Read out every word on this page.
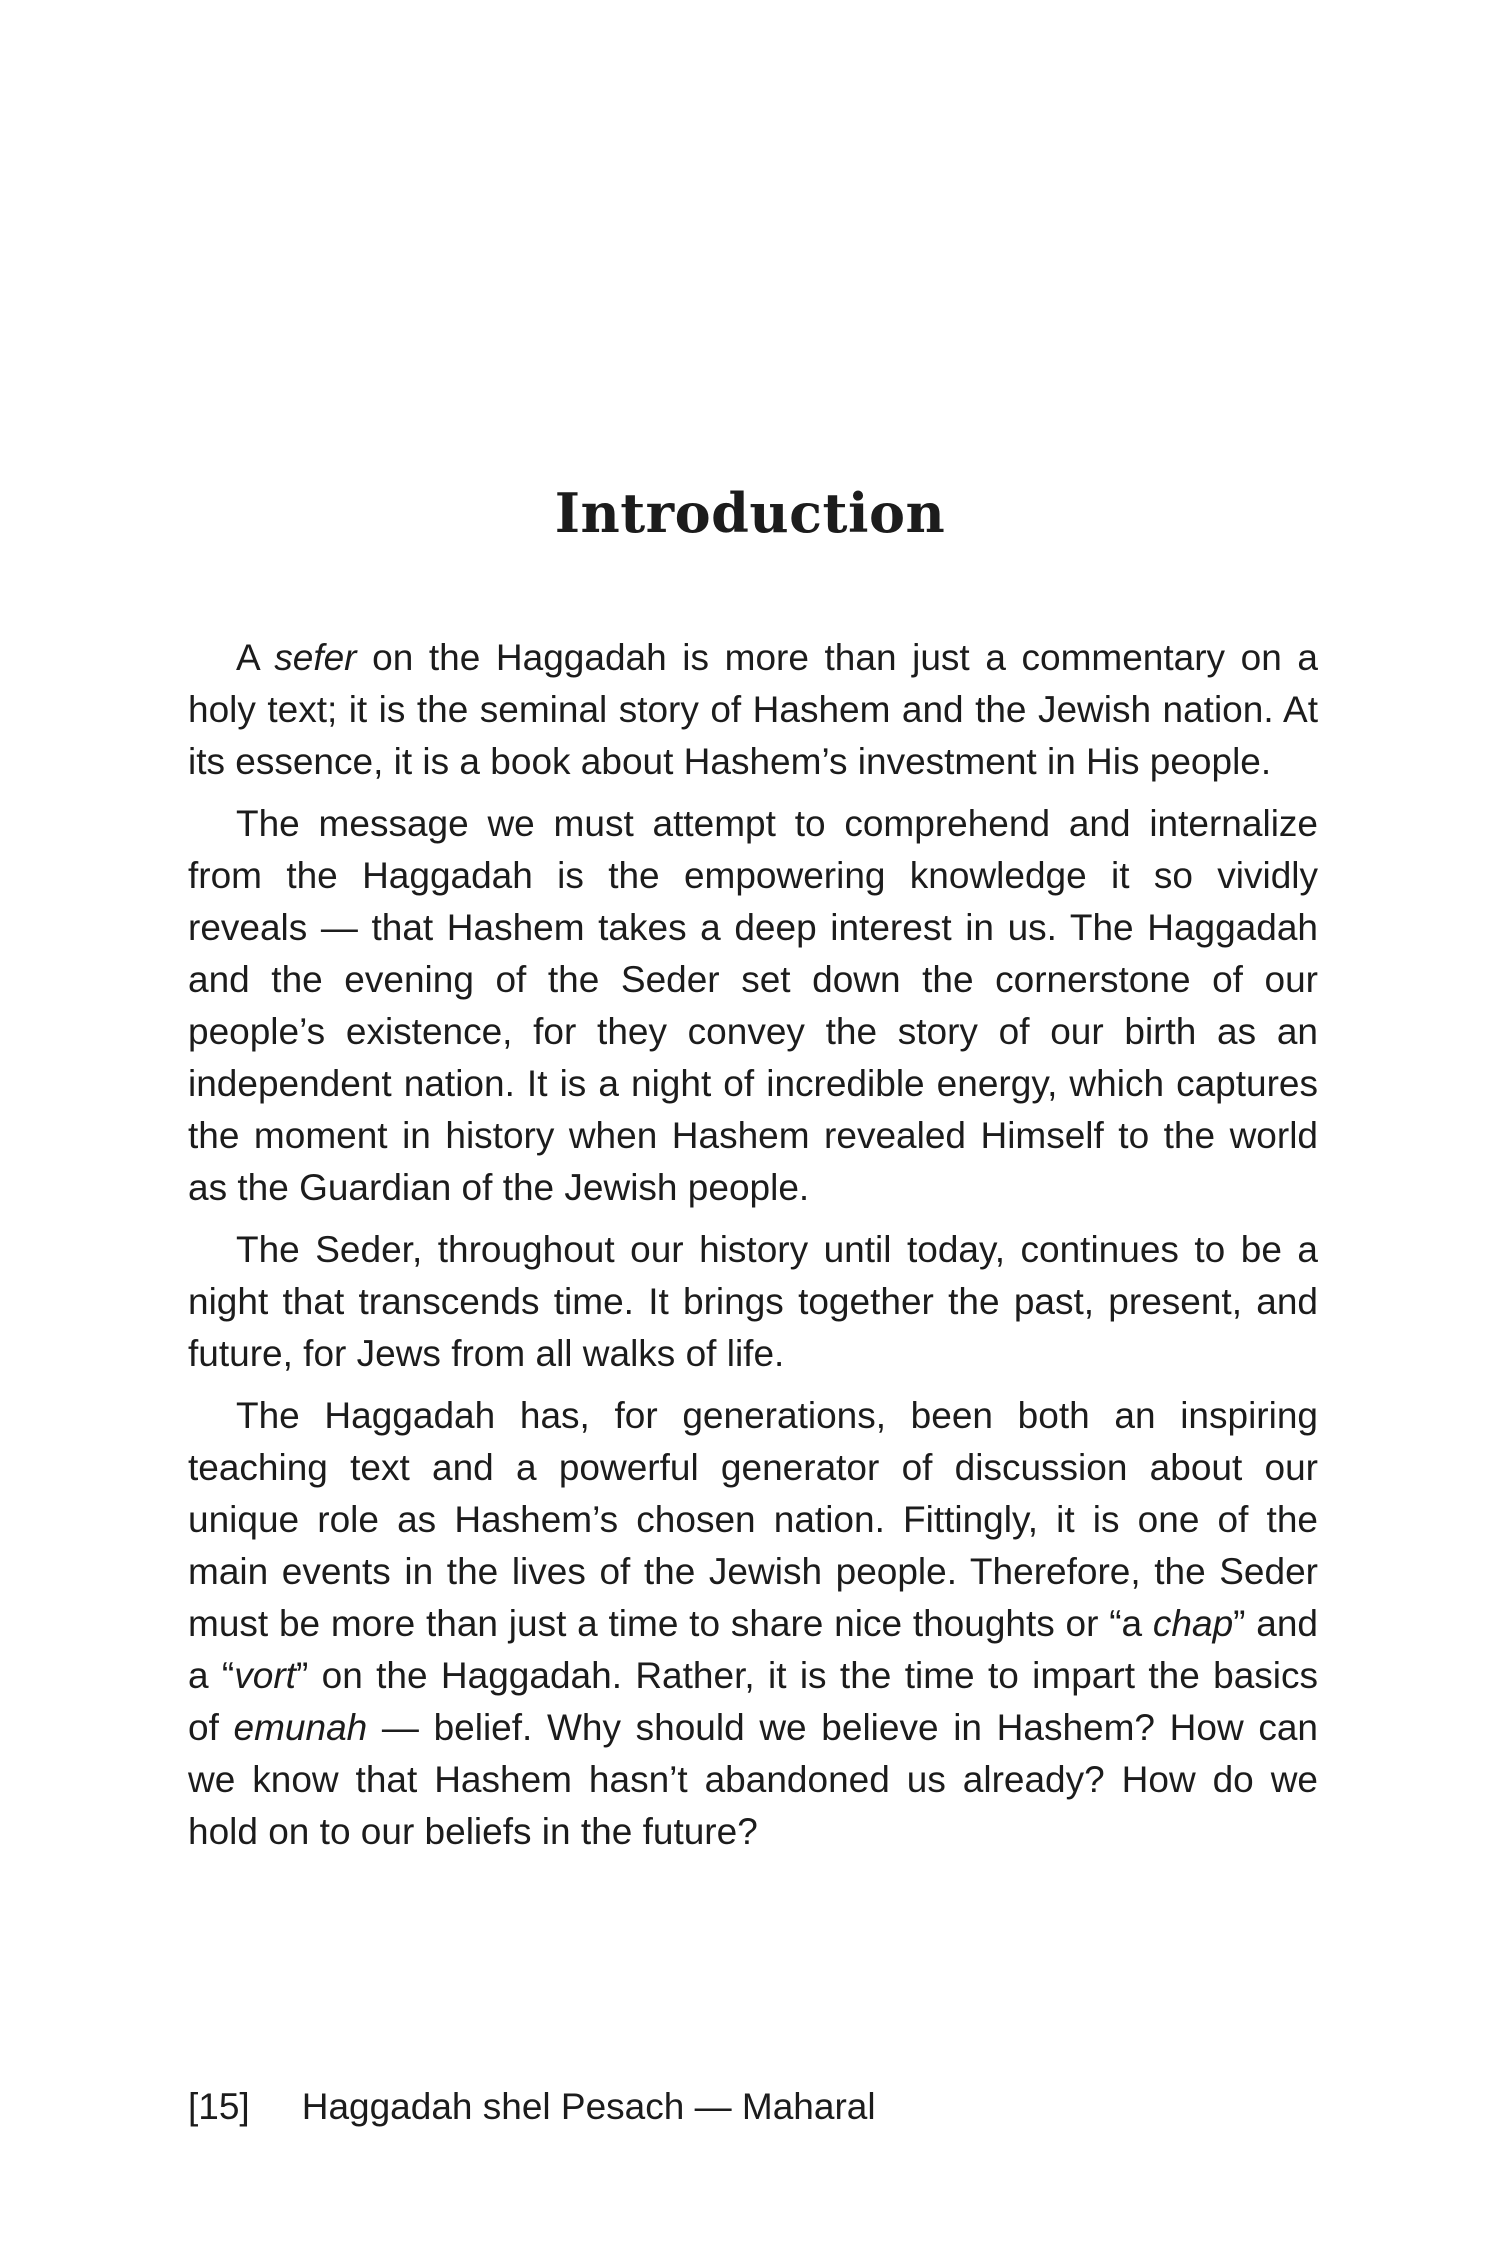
Introduction

A sefer on the Haggadah is more than just a commentary on a holy text; it is the seminal story of Hashem and the Jewish nation. At its essence, it is a book about Hashem’s investment in His people.

The message we must attempt to comprehend and internalize from the Haggadah is the empowering knowledge it so vividly reveals — that Hashem takes a deep interest in us. The Haggadah and the evening of the Seder set down the cornerstone of our people’s existence, for they convey the story of our birth as an independent nation. It is a night of incredible energy, which captures the moment in history when Hashem revealed Himself to the world as the Guardian of the Jewish people.

The Seder, throughout our history until today, continues to be a night that transcends time. It brings together the past, present, and future, for Jews from all walks of life.

The Haggadah has, for generations, been both an inspiring teaching text and a powerful generator of discussion about our unique role as Hashem’s chosen nation. Fittingly, it is one of the main events in the lives of the Jewish people. Therefore, the Seder must be more than just a time to share nice thoughts or “a chap” and a “vort” on the Haggadah. Rather, it is the time to impart the basics of emunah — belief. Why should we believe in Hashem? How can we know that Hashem hasn’t abandoned us already? How do we hold on to our beliefs in the future?

[15] Haggadah shel Pesach — Maharal
